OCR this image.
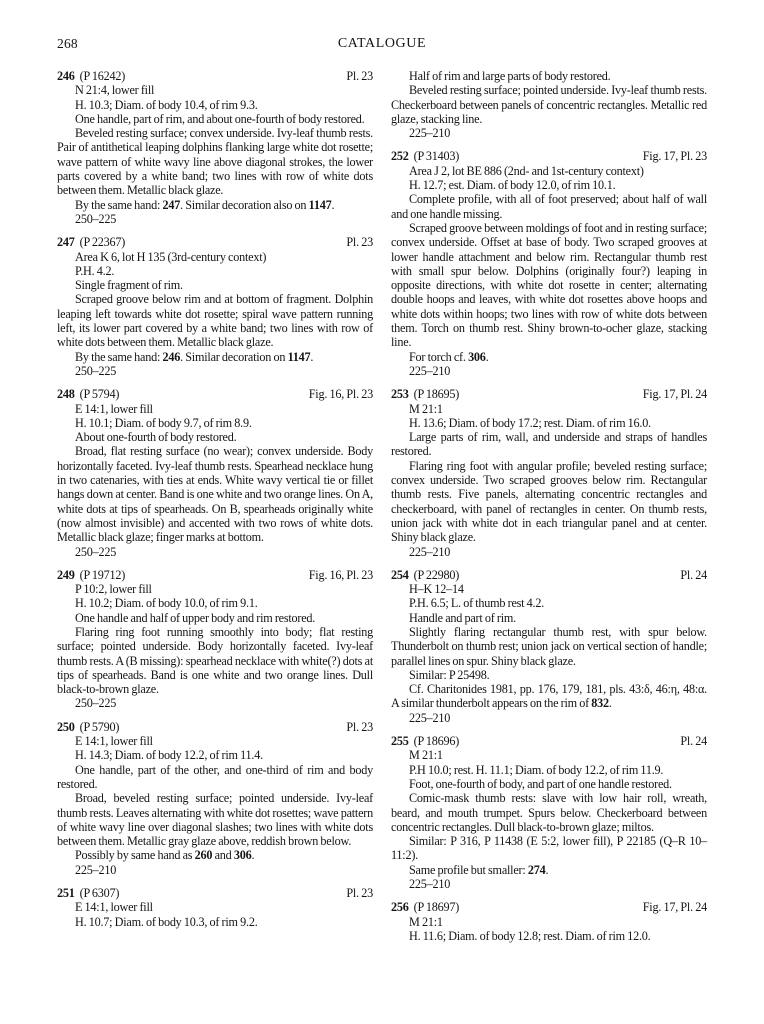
268	CATALOGUE
246 (P 16242)	Pl. 23

N 21:4, lower fill

H. 10.3; Diam. of body 10.4, of rim 9.3.

One handle, part of rim, and about one-fourth of body restored.

Beveled resting surface; convex underside. Ivy-leaf thumb rests. Pair of antithetical leaping dolphins flanking large white dot rosette; wave pattern of white wavy line above diagonal strokes, the lower parts covered by a white band; two lines with row of white dots between them. Metallic black glaze.

By the same hand: 247. Similar decoration also on 1147.

250–225

247 (P 22367)	Pl. 23

Area K 6, lot H 135 (3rd-century context)

P.H. 4.2.

Single fragment of rim.

Scraped groove below rim and at bottom of fragment. Dolphin leaping left towards white dot rosette; spiral wave pattern running left, its lower part covered by a white band; two lines with row of white dots between them. Metallic black glaze.

By the same hand: 246. Similar decoration on 1147.

250–225

248 (P 5794)	Fig. 16, Pl. 23

E 14:1, lower fill

H. 10.1; Diam. of body 9.7, of rim 8.9.

About one-fourth of body restored.

Broad, flat resting surface (no wear); convex underside. Body horizontally faceted. Ivy-leaf thumb rests. Spearhead necklace hung in two catenaries, with ties at ends. White wavy vertical tie or fillet hangs down at center. Band is one white and two orange lines. On A, white dots at tips of spearheads. On B, spearheads originally white (now almost invisible) and accented with two rows of white dots. Metallic black glaze; finger marks at bottom.

250–225

249 (P 19712)	Fig. 16, Pl. 23

P 10:2, lower fill

H. 10.2; Diam. of body 10.0, of rim 9.1.

One handle and half of upper body and rim restored.

Flaring ring foot running smoothly into body; flat resting surface; pointed underside. Body horizontally faceted. Ivy-leaf thumb rests. A (B missing): spearhead necklace with white(?) dots at tips of spearheads. Band is one white and two orange lines. Dull black-to-brown glaze.

250–225

250 (P 5790)	Pl. 23

E 14:1, lower fill

H. 14.3; Diam. of body 12.2, of rim 11.4.

One handle, part of the other, and one-third of rim and body restored.

Broad, beveled resting surface; pointed underside. Ivy-leaf thumb rests. Leaves alternating with white dot rosettes; wave pattern of white wavy line over diagonal slashes; two lines with white dots between them. Metallic gray glaze above, reddish brown below.

Possibly by same hand as 260 and 306.

225–210

251 (P 6307)	Pl. 23

E 14:1, lower fill

H. 10.7; Diam. of body 10.3, of rim 9.2.

Half of rim and large parts of body restored.

Beveled resting surface; pointed underside. Ivy-leaf thumb rests. Checkerboard between panels of concentric rectangles. Metallic red glaze, stacking line.

225–210

252 (P 31403)	Fig. 17, Pl. 23

Area J 2, lot BE 886 (2nd- and 1st-century context)

H. 12.7; est. Diam. of body 12.0, of rim 10.1.

Complete profile, with all of foot preserved; about half of wall and one handle missing.

Scraped groove between moldings of foot and in resting surface; convex underside. Offset at base of body. Two scraped grooves at lower handle attachment and below rim. Rectangular thumb rest with small spur below. Dolphins (originally four?) leaping in opposite directions, with white dot rosette in center; alternating double hoops and leaves, with white dot rosettes above hoops and white dots within hoops; two lines with row of white dots between them. Torch on thumb rest. Shiny brown-to-ocher glaze, stacking line.

For torch cf. 306.

225–210

253 (P 18695)	Fig. 17, Pl. 24

M 21:1

H. 13.6; Diam. of body 17.2; rest. Diam. of rim 16.0.

Large parts of rim, wall, and underside and straps of handles restored.

Flaring ring foot with angular profile; beveled resting surface; convex underside. Two scraped grooves below rim. Rectangular thumb rests. Five panels, alternating concentric rectangles and checkerboard, with panel of rectangles in center. On thumb rests, union jack with white dot in each triangular panel and at center. Shiny black glaze.

225–210

254 (P 22980)	Pl. 24

H–K 12–14

P.H. 6.5; L. of thumb rest 4.2.

Handle and part of rim.

Slightly flaring rectangular thumb rest, with spur below. Thunderbolt on thumb rest; union jack on vertical section of handle; parallel lines on spur. Shiny black glaze.

Similar: P 25498.

Cf. Charitonides 1981, pp. 176, 179, 181, pls. 43:δ, 46:η, 48:α. A similar thunderbolt appears on the rim of 832.

225–210

255 (P 18696)	Pl. 24

M 21:1

P.H 10.0; rest. H. 11.1; Diam. of body 12.2, of rim 11.9.

Foot, one-fourth of body, and part of one handle restored.

Comic-mask thumb rests: slave with low hair roll, wreath, beard, and mouth trumpet. Spurs below. Checkerboard between concentric rectangles. Dull black-to-brown glaze; miltos.

Similar: P 316, P 11438 (E 5:2, lower fill), P 22185 (Q–R 10–11:2).

Same profile but smaller: 274.

225–210

256 (P 18697)	Fig. 17, Pl. 24

M 21:1

H. 11.6; Diam. of body 12.8; rest. Diam. of rim 12.0.
